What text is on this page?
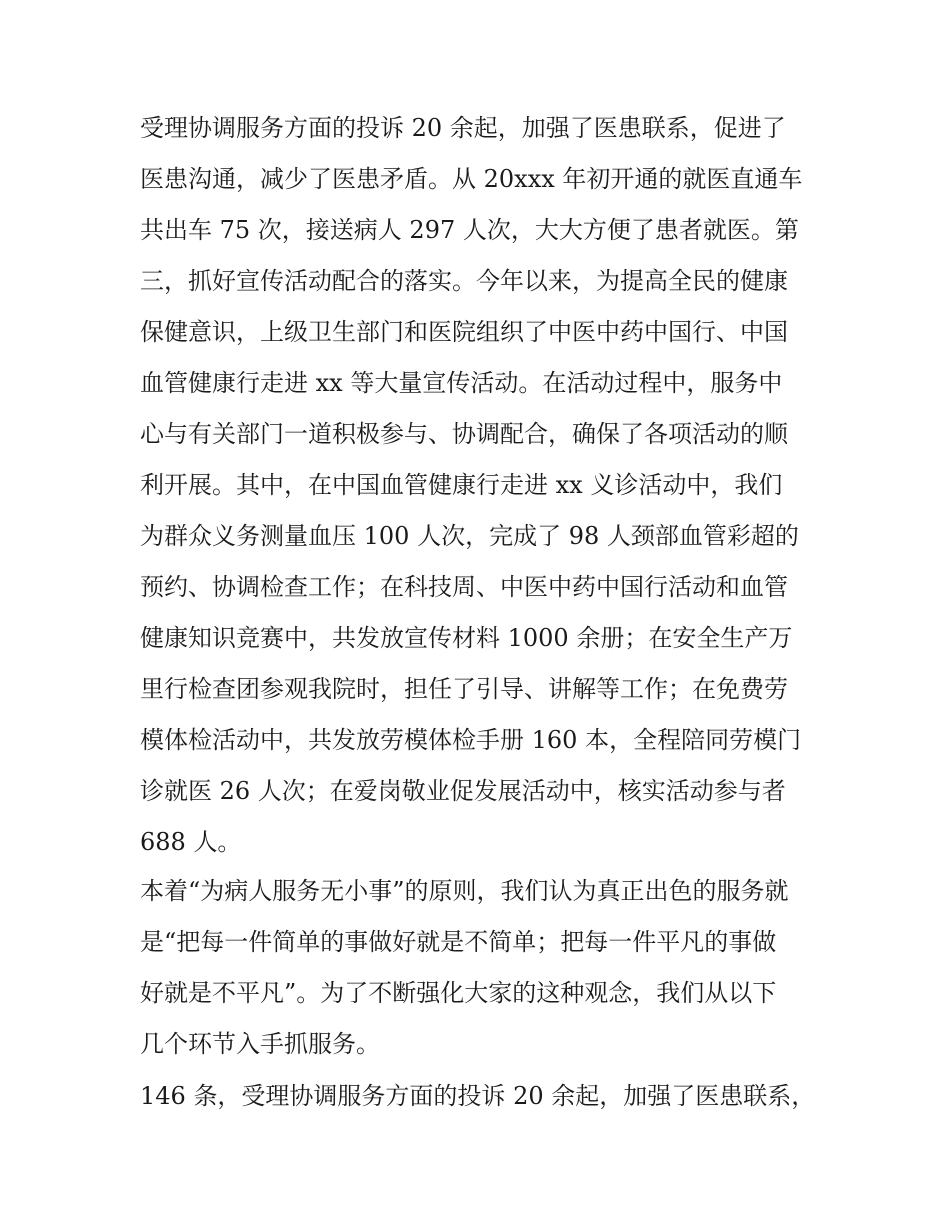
受理协调服务方面的投诉 20 余起，加强了医患联系，促进了
医患沟通，减少了医患矛盾。从 20xxx 年初开通的就医直通车
共出车 75 次，接送病人 297 人次，大大方便了患者就医。第
三，抓好宣传活动配合的落实。今年以来，为提高全民的健康
保健意识，上级卫生部门和医院组织了中医中药中国行、中国
血管健康行走进 xx 等大量宣传活动。在活动过程中，服务中
心与有关部门一道积极参与、协调配合，确保了各项活动的顺
利开展。其中，在中国血管健康行走进 xx 义诊活动中，我们
为群众义务测量血压 100 人次，完成了 98 人颈部血管彩超的
预约、协调检查工作；在科技周、中医中药中国行活动和血管
健康知识竞赛中，共发放宣传材料 1000 余册；在安全生产万
里行检查团参观我院时，担任了引导、讲解等工作；在免费劳
模体检活动中，共发放劳模体检手册 160 本，全程陪同劳模门
诊就医 26 人次；在爱岗敬业促发展活动中，核实活动参与者
688 人。
本着“为病人服务无小事”的原则，我们认为真正出色的服务就
是“把每一件简单的事做好就是不简单；把每一件平凡的事做
好就是不平凡”。为了不断强化大家的这种观念，我们从以下
几个环节入手抓服务。
146 条，受理协调服务方面的投诉 20 余起，加强了医患联系，
